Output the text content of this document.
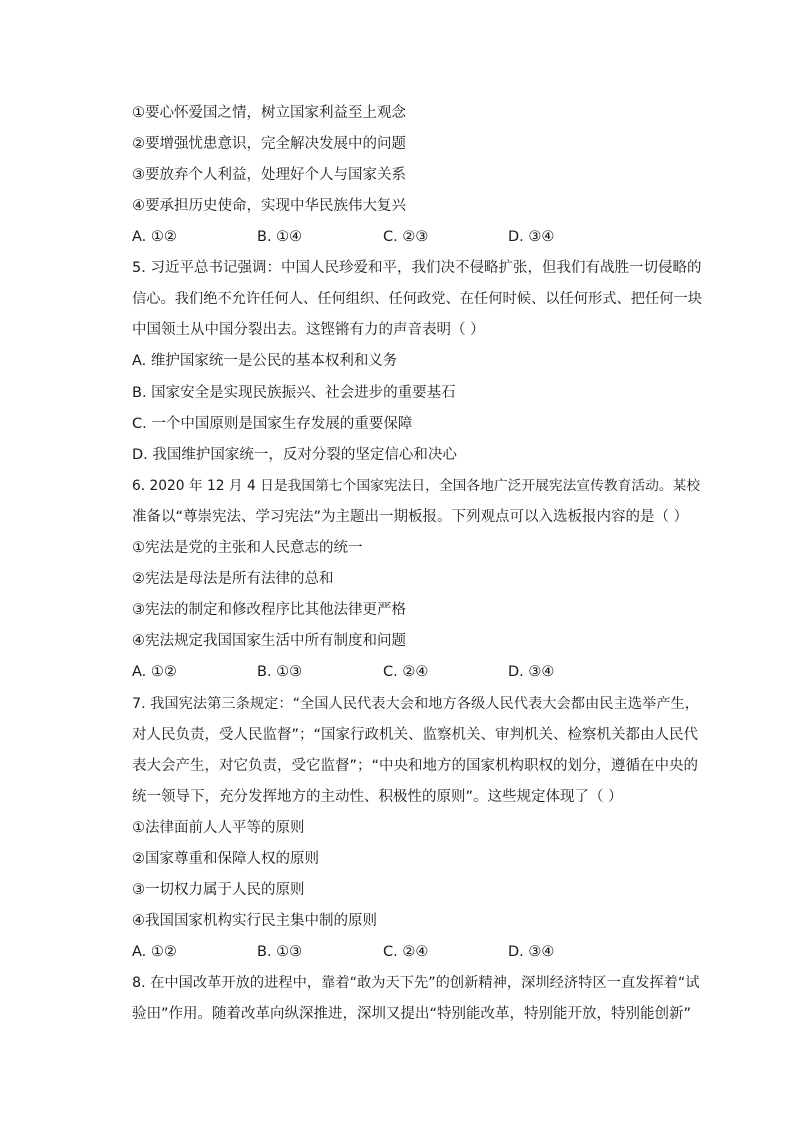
①要心怀爱国之情，树立国家利益至上观念
②要增强忧患意识，完全解决发展中的问题
③要放弃个人利益，处理好个人与国家关系
④要承担历史使命，实现中华民族伟大复兴
A. ①②	B. ①④	C. ②③	D. ③④
5. 习近平总书记强调：中国人民珍爱和平，我们决不侵略扩张，但我们有战胜一切侵略的
信心。我们绝不允许任何人、任何组织、任何政党、在任何时候、以任何形式、把任何一块
中国领土从中国分裂出去。这铿锵有力的声音表明（ ）
A. 维护国家统一是公民的基本权利和义务
B. 国家安全是实现民族振兴、社会进步的重要基石
C. 一个中国原则是国家生存发展的重要保障
D. 我国维护国家统一，反对分裂的坚定信心和决心
6. 2020 年 12 月 4 日是我国第七个国家宪法日，全国各地广泛开展宪法宣传教育活动。某校
准备以“尊崇宪法、学习宪法”为主题出一期板报。下列观点可以入选板报内容的是（ ）
①宪法是党的主张和人民意志的统一
②宪法是母法是所有法律的总和
③宪法的制定和修改程序比其他法律更严格
④宪法规定我国国家生活中所有制度和问题
A. ①②	B. ①③	C. ②④	D. ③④
7. 我国宪法第三条规定：“全国人民代表大会和地方各级人民代表大会都由民主选举产生，
对人民负责，受人民监督”；“国家行政机关、监察机关、审判机关、检察机关都由人民代
表大会产生，对它负责，受它监督”；“中央和地方的国家机构职权的划分，遵循在中央的
统一领导下，充分发挥地方的主动性、积极性的原则”。这些规定体现了（ ）
①法律面前人人平等的原则
②国家尊重和保障人权的原则
③一切权力属于人民的原则
④我国国家机构实行民主集中制的原则
A. ①②	B. ①③	C. ②④	D. ③④
8. 在中国改革开放的进程中，靠着“敢为天下先”的创新精神，深圳经济特区一直发挥着“试
验田”作用。随着改革向纵深推进，深圳又提出“特别能改革，特别能开放，特别能创新”
